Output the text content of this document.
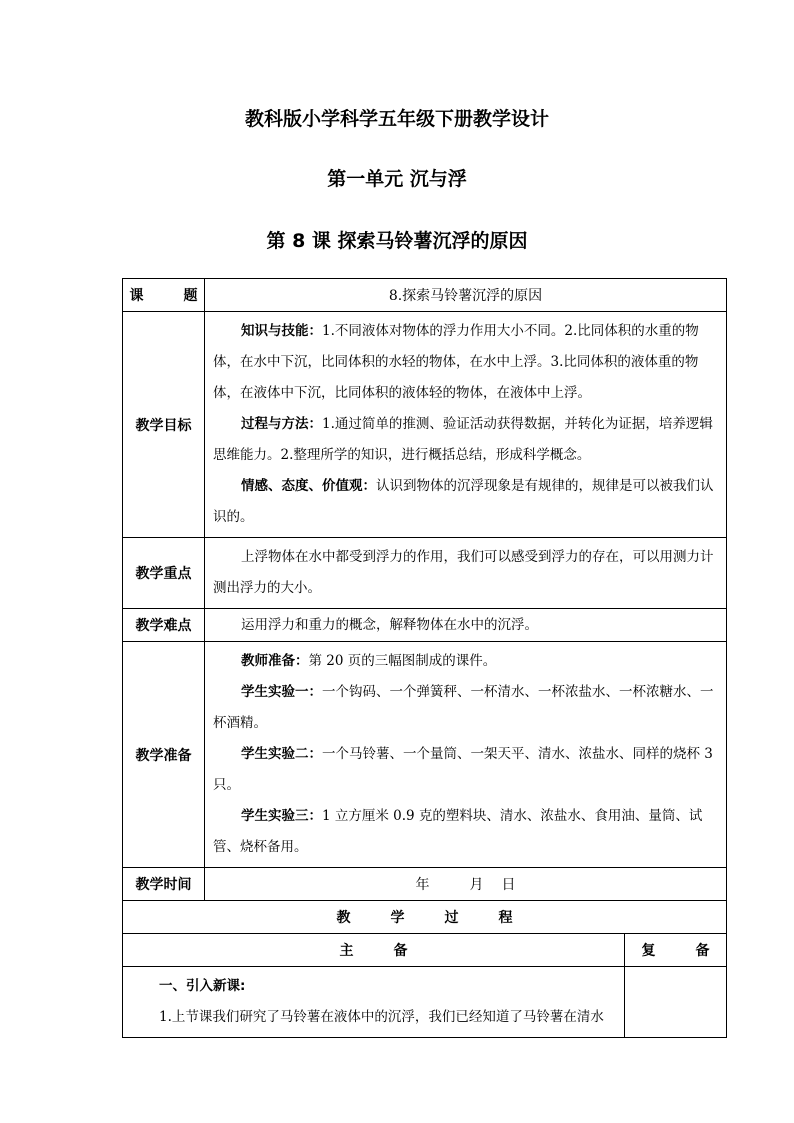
教科版小学科学五年级下册教学设计
第一单元 沉与浮
第 8 课 探索马铃薯沉浮的原因
课 题	8.探索马铃薯沉浮的原因	
教学目标	知识与技能：1.不同液体对物体的浮力作用大小不同。2.比同体积的水重的物体，在水中下沉，比同体积的水轻的物体，在水中上浮。3.比同体积的液体重的物体，在液体中下沉，比同体积的液体轻的物体，在液体中上浮。

过程与方法：1.通过简单的推测、验证活动获得数据，并转化为证据，培养逻辑思维能力。2.整理所学的知识，进行概括总结，形成科学概念。

情感、态度、价值观：认识到物体的沉浮现象是有规律的，规律是可以被我们认识的。	

教学重点	上浮物体在水中都受到浮力的作用，我们可以感受到浮力的存在，可以用测力计测出浮力的大小。	

教学难点	运用浮力和重力的概念，解释物体在水中的沉浮。	

教学准备	教师准备：第 20 页的三幅图制成的课件。

学生实验一：一个钩码、一个弹簧秤、一杯清水、一杯浓盐水、一杯浓糖水、一杯酒精。

学生实验二：一个马铃薯、一个量筒、一架天平、清水、浓盐水、同样的烧杯 3 只。

学生实验三：1 立方厘米 0.9 克的塑料块、清水、浓盐水、食用油、量筒、试管、烧杯备用。	

教学时间	年 月 日	
教 学 过 程		
主 备		复 备

一、引入新课:
1.上节课我们研究了马铃薯在液体中的沉浮，我们已经知道了马铃薯在清水		
